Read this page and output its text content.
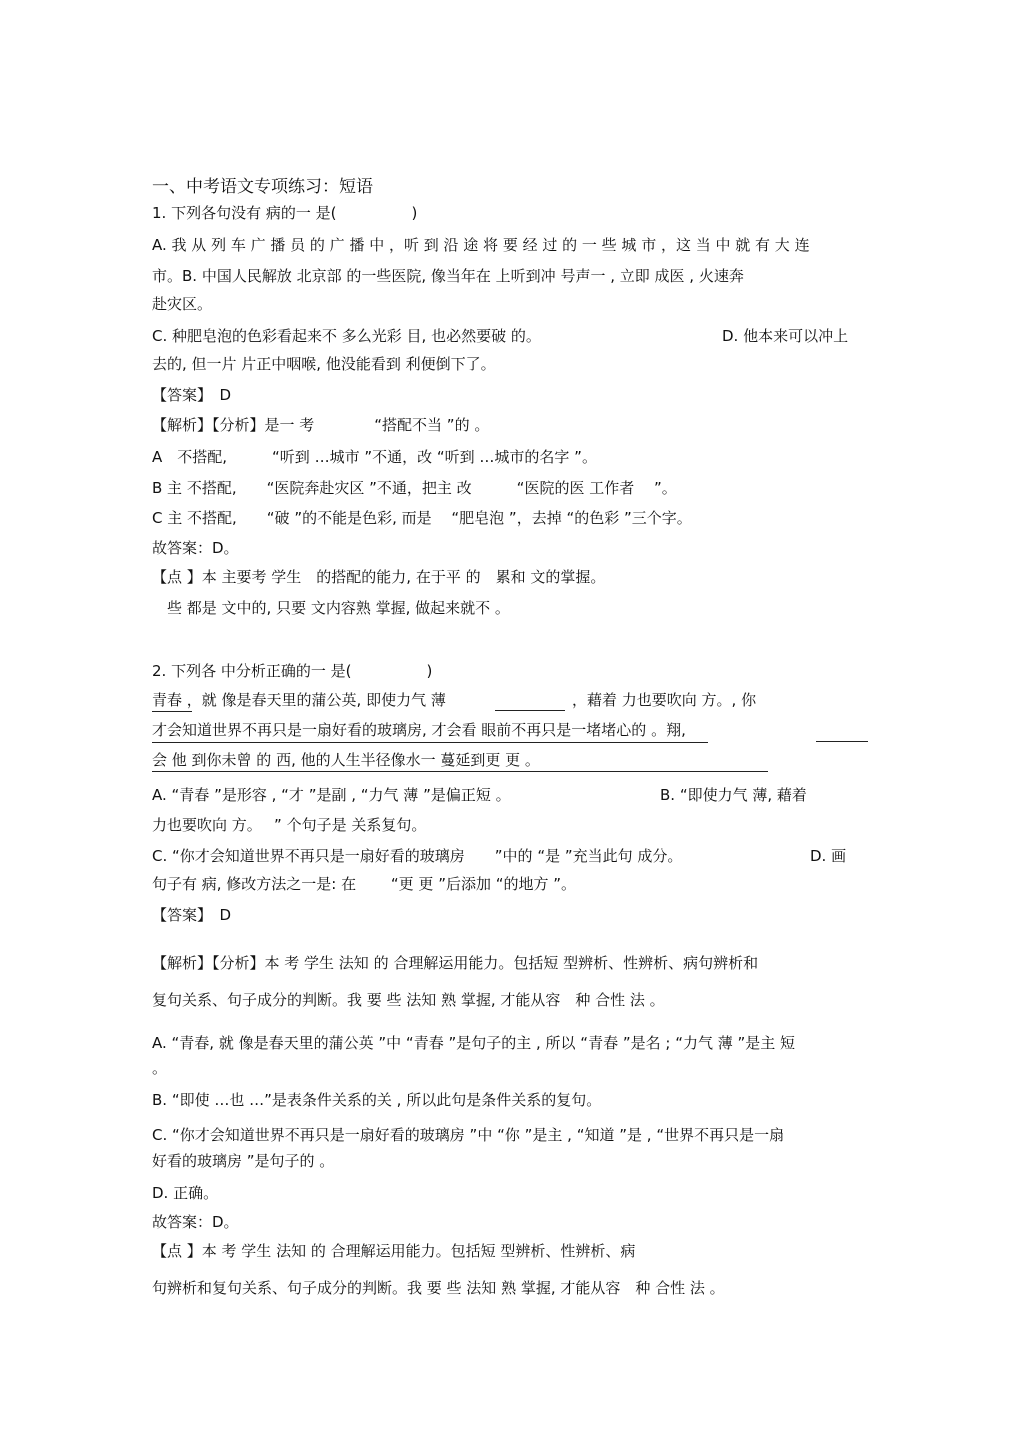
一、中考语文专项练习：短语
1. 下列各句没有 病的一 是(　　　　　)
A. 我 从 列 车 广 播 员 的 广 播 中 ，听 到 沿 途 将 要 经 过 的 一 些 城 市 ，这 当 中 就 有 大 连
市。B. 中国人民解放 北京部 的一些医院, 像当年在 上听到冲 号声一 , 立即 成医 , 火速奔
赴灾区。
C. 种肥皂泡的色彩看起来不 多么光彩 目, 也必然要破 的。	D. 他本来可以冲上
去的, 但一片 片正中咽喉, 他没能看到 利便倒下了。
【答案】　D
【解析】【分析】是一 考　　　　“搭配不当 ”的 。
A　不搭配,　　　“听到 …城市 ”不通，改 “听到 …城市的名字 ”。
B 主 不搭配,　　“医院奔赴灾区 ”不通，把主 改　　　“医院的医 工作者　 ”。
C 主 不搭配,　　“破 ”的不能是色彩, 而是　 “肥皂泡 ”，去掉 “的色彩 ”三个字。
故答案：D。
【点 】本 主要考 学生　的搭配的能力, 在于平 的　累和 文的掌握。
　些 都是 文中的, 只要 文内容熟 掌握, 做起来就不 。
2. 下列各 中分析正确的一 是(　　　　　)
青春 ，就 像是春天里的蒲公英, 即使力气 薄	，藉着 力也要吹向 方。, 你
才会知道世界不再只是一扇好看的玻璃房, 才会看 眼前不再只是一堵堵心的 。翔,
会 他 到你未曾 的 西, 他的人生半径像水一 蔓延到更 更 。
A. “青春 ”是形容 , “才 ”是副 , “力气 薄 ”是偏正短 。	B. “即使力气 薄, 藉着
力也要吹向 方。　 ” 个句子是 关系复句。
C. “你才会知道世界不再只是一扇好看的玻璃房　　”中的 “是 ”充当此句 成分。	D. 画
句子有 病, 修改方法之一是: 在　　 “更 更 ”后添加 “的地方 ”。
【答案】　D
【解析】【分析】本 考 学生 法知 的 合理解运用能力。包括短 型辨析、性辨析、病句辨析和
复句关系、句子成分的判断。我 要 些 法知 熟 掌握, 才能从容　种 合性 法 。
A. “青春, 就 像是春天里的蒲公英 ”中 “青春 ”是句子的主 , 所以 “青春 ”是名 ; “力气 薄 ”是主 短
。
B. “即使 …也 …”是表条件关系的关 , 所以此句是条件关系的复句。
C. “你才会知道世界不再只是一扇好看的玻璃房 ”中 “你 ”是主 , “知道 ”是 , “世界不再只是一扇
好看的玻璃房 ”是句子的 。
D. 正确。
故答案：D。
【点 】本 考 学生 法知 的 合理解运用能力。包括短 型辨析、性辨析、病
句辨析和复句关系、句子成分的判断。我 要 些 法知 熟 掌握, 才能从容　种 合性 法 。
